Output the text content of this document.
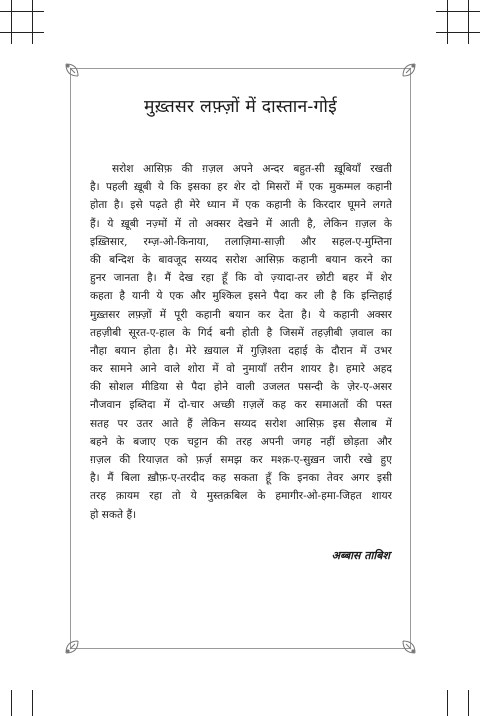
मुख़्तसर लफ़्ज़ों में दास्तान-गोई

सरोश आसिफ़ की ग़ज़ल अपने अन्दर बहुत-सी ख़ूबियाँ रखती

है। पहली ख़ूबी ये कि इसका हर शेर दो मिसरों में एक मुकम्मल कहानी

होता है। इसे पढ़ते ही मेरे ध्यान में एक कहानी के किरदार घूमने लगते

हैं। ये ख़ूबी नज़्मों में तो अक्सर देखने में आती है, लेकिन ग़ज़ल के

इख़्तिसार, रम्ज़-ओ-किनाया, तलाज़िमा-साज़ी और सहल-ए-मुम्तिना

की बन्दिश के बावजूद सय्यद सरोश आसिफ़ कहानी बयान करने का

हुनर जानता है। मैं देख रहा हूँ कि वो ज़्यादा-तर छोटी बहर में शेर

कहता है यानी ये एक और मुश्किल इसने पैदा कर ली है कि इन्तिहाई

मुख़्तसर लफ़्ज़ों में पूरी कहानी बयान कर देता है। ये कहानी अक्सर

तहज़ीबी सूरत-ए-हाल के गिर्द बनी होती है जिसमें तहज़ीबी ज़वाल का

नौहा बयान होता है। मेरे ख़याल में गुज़िश्ता दहाई के दौरान में उभर

कर सामने आने वाले शोरा में वो नुमायाँ तरीन शायर है। हमारे अहद

की सोशल मीडिया से पैदा होने वाली उजलत पसन्दी के ज़ेर-ए-असर

नौजवान इब्तिदा में दो-चार अच्छी ग़ज़लें कह कर समाअतों की पस्त

सतह पर उतर आते हैं लेकिन सय्यद सरोश आसिफ़ इस सैलाब में

बहने के बजाए एक चट्टान की तरह अपनी जगह नहीं छोड़ता और

ग़ज़ल की रियाज़त को फ़र्ज़ समझ कर मश्क़-ए-सुख़न जारी रखे हुए

है। मैं बिला ख़ौफ़-ए-तरदीद कह सकता हूँ कि इनका तेवर अगर इसी

तरह क़ायम रहा तो ये मुस्तक़बिल के हमागीर-ओ-हमा-जिहत शायर

हो सकते हैं।

अब्बास ताबिश
